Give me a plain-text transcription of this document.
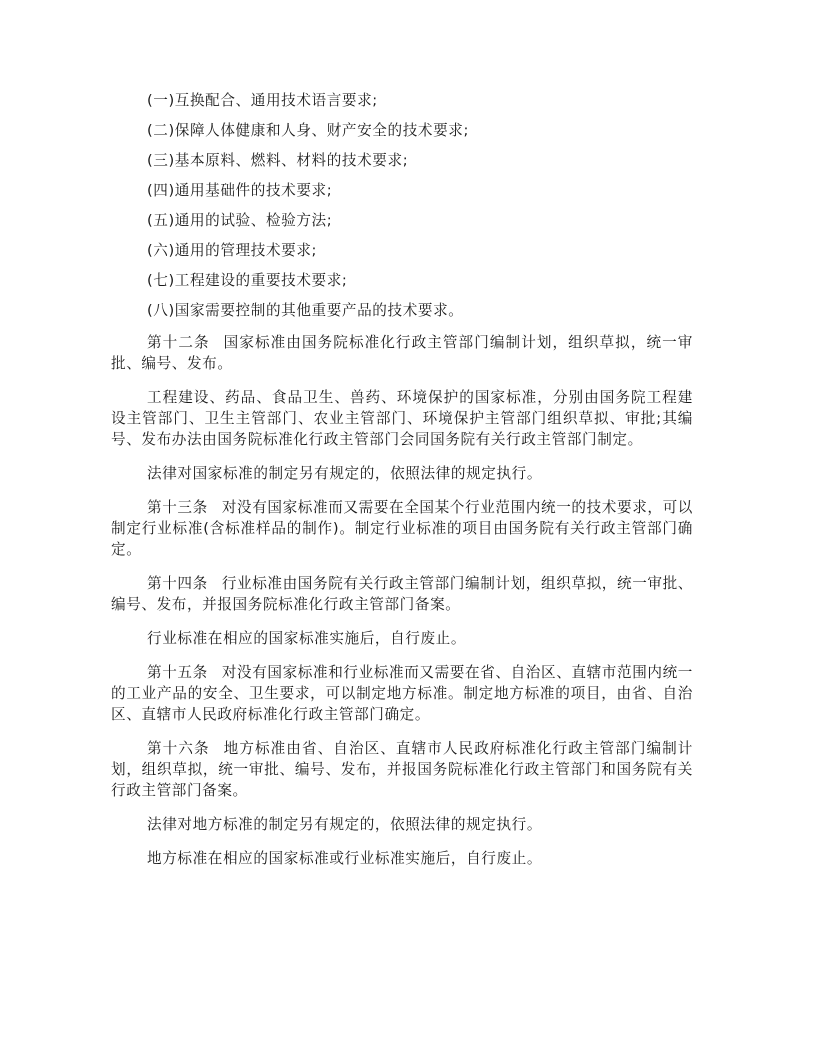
(一)互换配合、通用技术语言要求;

(二)保障人体健康和人身、财产安全的技术要求;

(三)基本原料、燃料、材料的技术要求;

(四)通用基础件的技术要求;

(五)通用的试验、检验方法;

(六)通用的管理技术要求;

(七)工程建设的重要技术要求;

(八)国家需要控制的其他重要产品的技术要求。

第十二条 国家标准由国务院标准化行政主管部门编制计划，组织草拟，统一审批、编号、发布。

工程建设、药品、食品卫生、兽药、环境保护的国家标准，分别由国务院工程建设主管部门、卫生主管部门、农业主管部门、环境保护主管部门组织草拟、审批;其编号、发布办法由国务院标准化行政主管部门会同国务院有关行政主管部门制定。

法律对国家标准的制定另有规定的，依照法律的规定执行。

第十三条 对没有国家标准而又需要在全国某个行业范围内统一的技术要求，可以制定行业标准(含标准样品的制作)。制定行业标准的项目由国务院有关行政主管部门确定。

第十四条 行业标准由国务院有关行政主管部门编制计划，组织草拟，统一审批、编号、发布，并报国务院标准化行政主管部门备案。

行业标准在相应的国家标准实施后，自行废止。

第十五条 对没有国家标准和行业标准而又需要在省、自治区、直辖市范围内统一的工业产品的安全、卫生要求，可以制定地方标准。制定地方标准的项目，由省、自治区、直辖市人民政府标准化行政主管部门确定。

第十六条 地方标准由省、自治区、直辖市人民政府标准化行政主管部门编制计划，组织草拟，统一审批、编号、发布，并报国务院标准化行政主管部门和国务院有关行政主管部门备案。

法律对地方标准的制定另有规定的，依照法律的规定执行。

地方标准在相应的国家标准或行业标准实施后，自行废止。
